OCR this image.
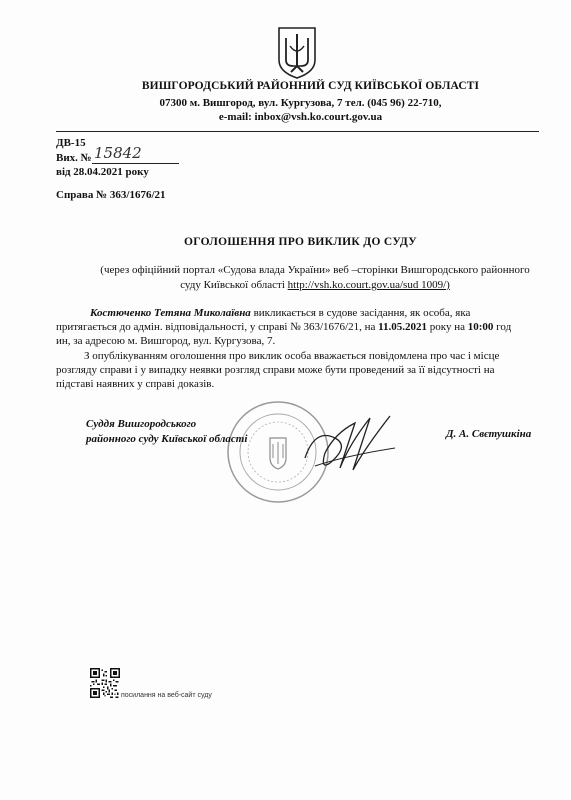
ВИШГОРОДСЬКИЙ РАЙОННИЙ СУД КИЇВСЬКОЇ ОБЛАСТІ
07300 м. Вишгород, вул. Кургузова, 7 тел. (045 96) 22-710,
e-mail: inbox@vsh.ko.court.gov.ua
ДВ-15
Вих. № 15842
від 28.04.2021 року
Справа № 363/1676/21
ОГОЛОШЕННЯ ПРО ВИКЛИК ДО СУДУ
(через офіційний портал «Судова влада України» веб –сторінки Вишгородського районного
суду Київської області http://vsh.ko.court.gov.ua/sud 1009/)
Костюченко Тетяна Миколаївна викликається в судове засідання, як особа, яка
притягається до адмін. відповідальності, у справі № 363/1676/21, на 11.05.2021 року на 10:00 год
ин, за адресою м. Вишгород, вул. Кургузова, 7.
З опублікуванням оголошення про виклик особа вважається повідомлена про час і місце
розгляду справи і у випадку неявки розгляд справи може бути проведений за її відсутності на
підставі наявних у справі доказів.
Суддя Вишгородського
районного суду Київської області	Д. А. Свєтушкіна
посилання на веб-сайт суду
